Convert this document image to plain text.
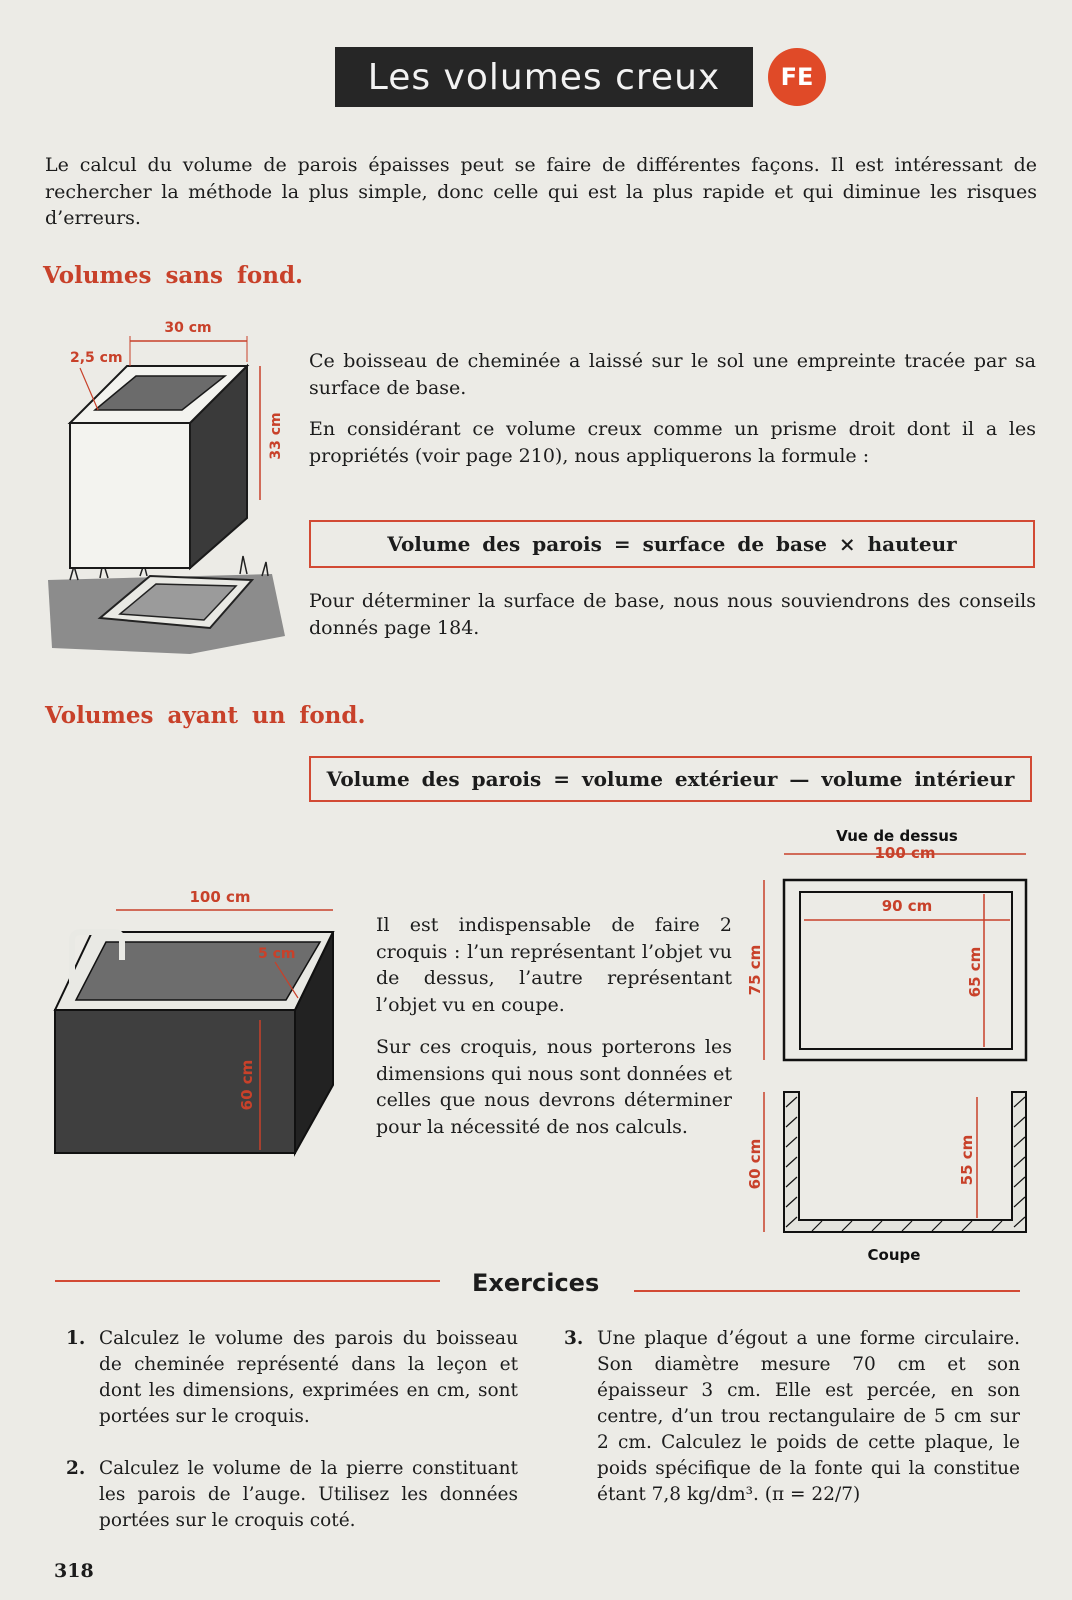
Les volumes creux	FE
Le calcul du volume de parois épaisses peut se faire de différentes façons. Il est intéressant de rechercher la méthode la plus simple, donc celle qui est la plus rapide et qui diminue les risques d’erreurs.
Volumes sans fond.
30 cm
2,5 cm
33 cm
Ce boisseau de cheminée a laissé sur le sol une empreinte tracée par sa surface de base.
En considérant ce volume creux comme un prisme droit dont il a les propriétés (voir page 210), nous appliquerons la formule :
Volume des parois = surface de base × hauteur
Pour déterminer la surface de base, nous nous souviendrons des conseils donnés page 184.
Volumes ayant un fond.
Volume des parois = volume extérieur — volume intérieur
100 cm
5 cm
60 cm
Il est indispensable de faire 2 croquis : l’un représentant l’objet vu de dessus, l’autre représentant l’objet vu en coupe.
Sur ces croquis, nous porterons les dimensions qui nous sont données et celles que nous devrons déterminer pour la nécessité de nos calculs.
Vue de dessus
100 cm
90 cm
75 cm	65 cm
60 cm	55 cm
Coupe
Exercices
1. Calculez le volume des parois du boisseau de cheminée représenté dans la leçon et dont les dimensions, exprimées en cm, sont portées sur le croquis.
2. Calculez le volume de la pierre constituant les parois de l’auge. Utilisez les données portées sur le croquis coté.
3. Une plaque d’égout a une forme circulaire. Son diamètre mesure 70 cm et son épaisseur 3 cm. Elle est percée, en son centre, d’un trou rectangulaire de 5 cm sur 2 cm. Calculez le poids de cette plaque, le poids spécifique de la fonte qui la constitue étant 7,8 kg/dm³. (π = 22/7)
318
